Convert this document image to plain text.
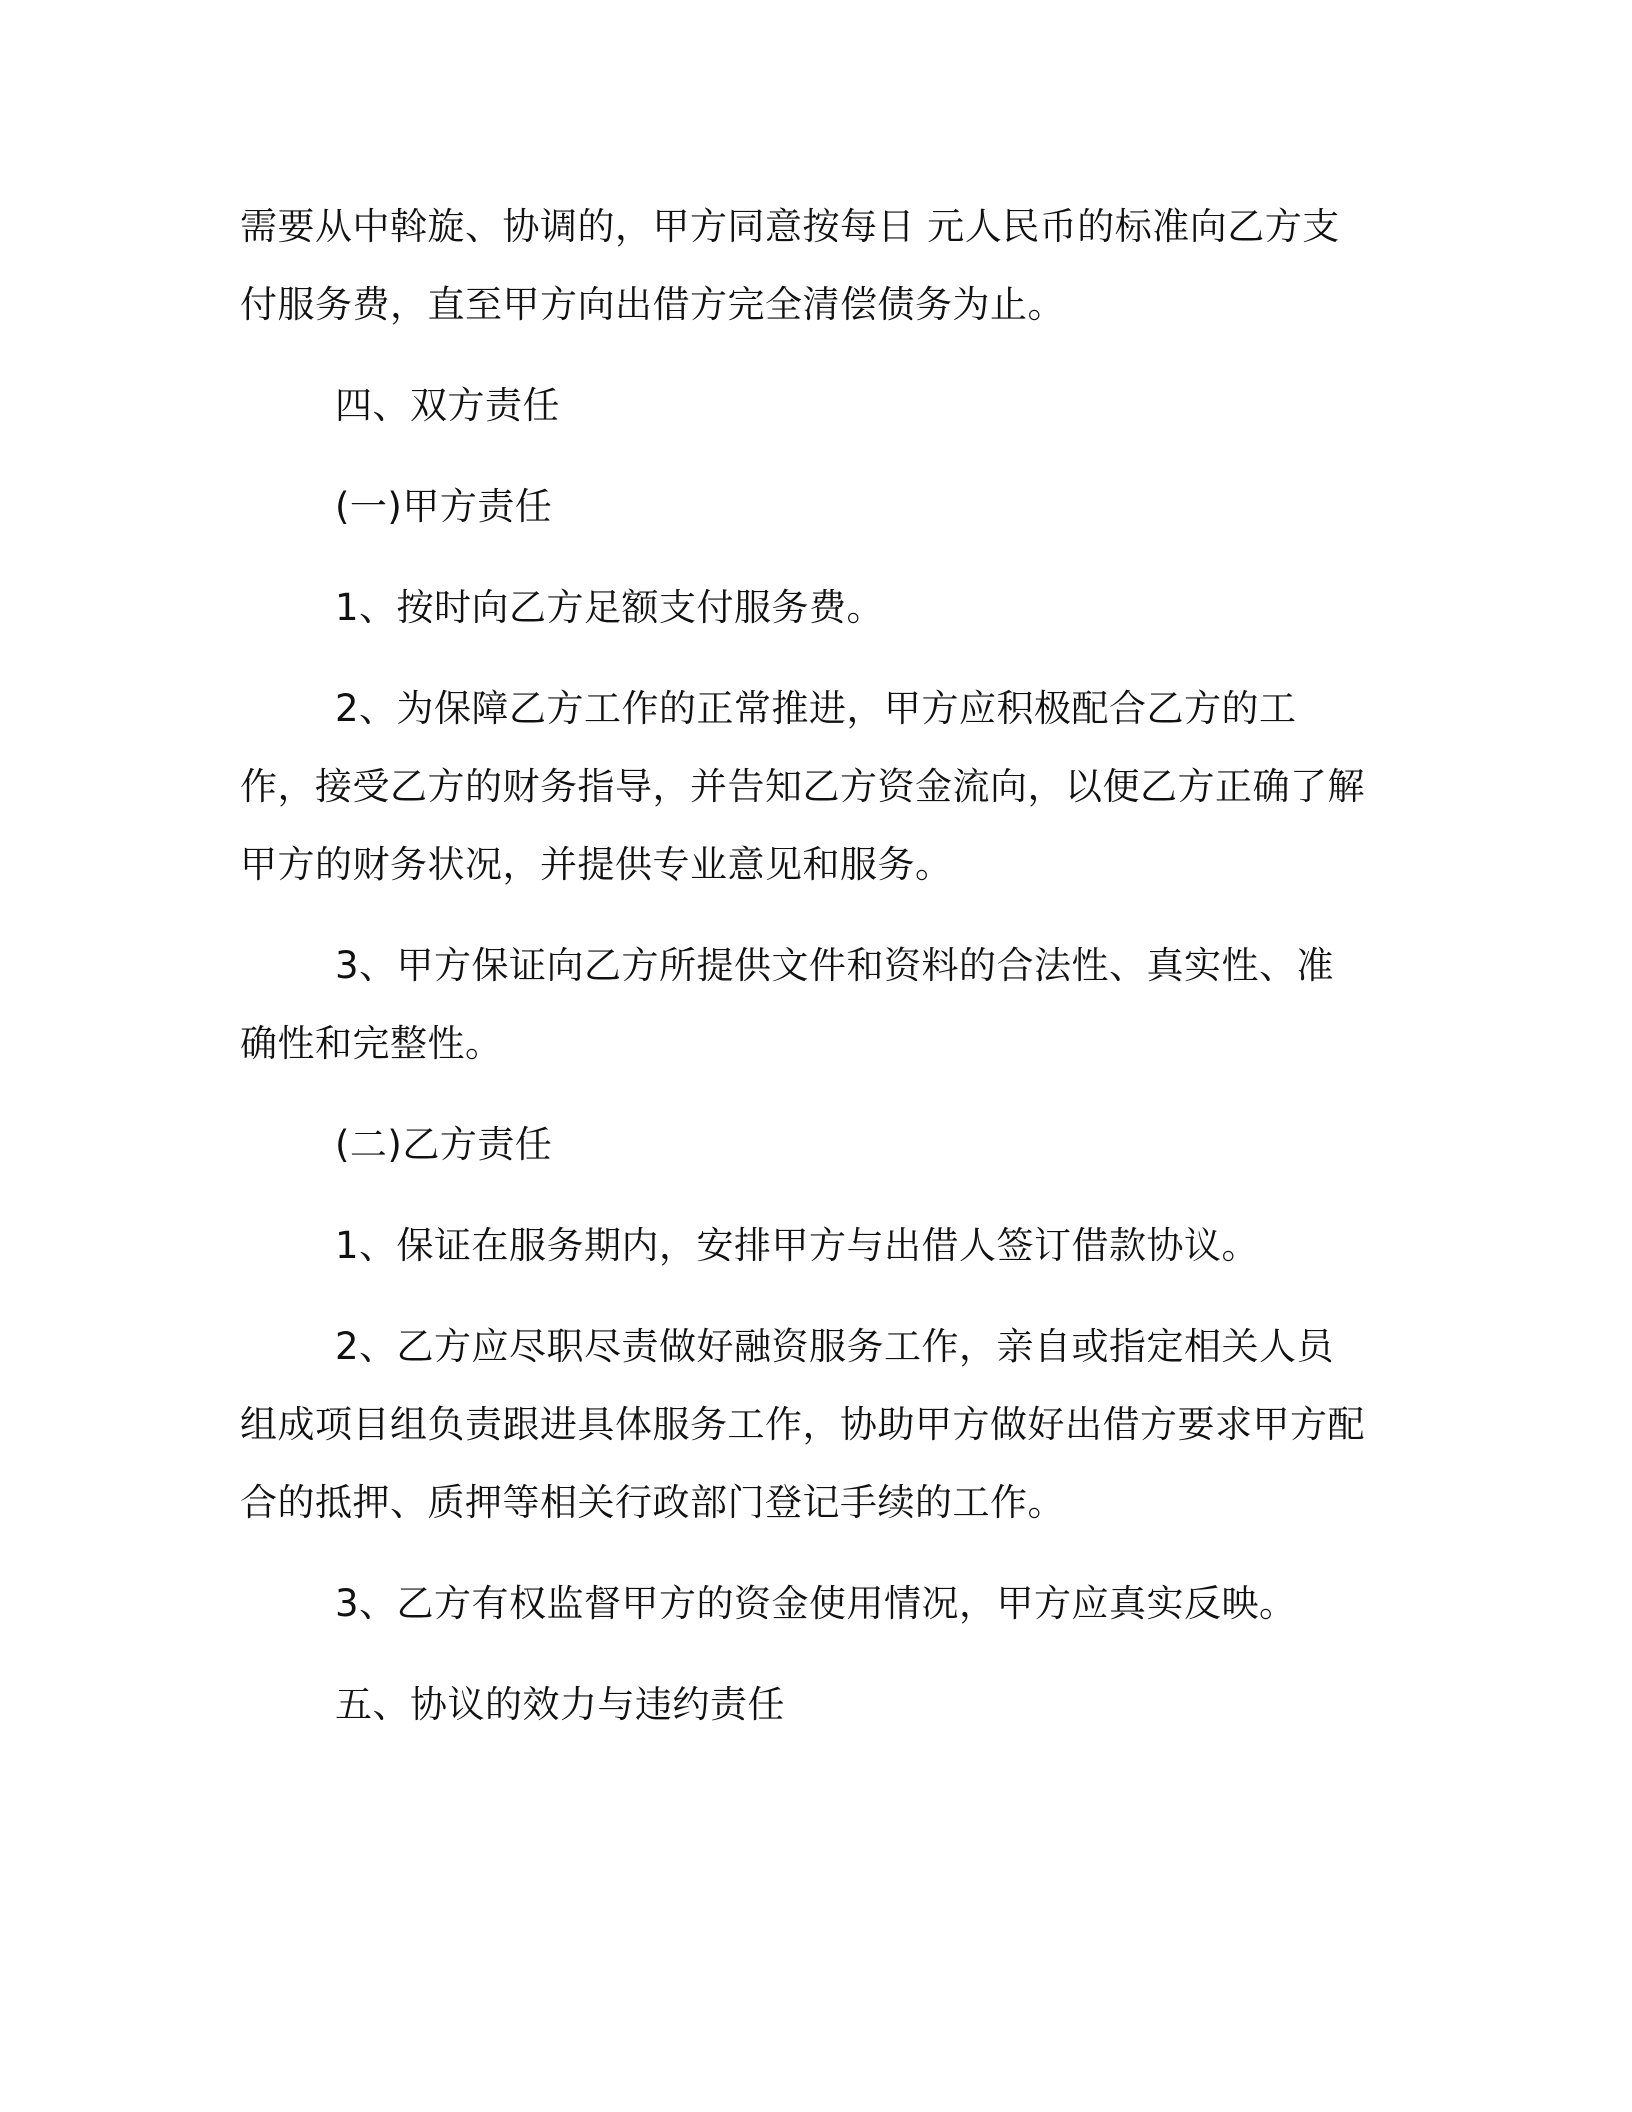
需要从中斡旋、协调的，甲方同意按每日 元人民币的标准向乙方支付服务费，直至甲方向出借方完全清偿债务为止。

四、双方责任

(一)甲方责任

1、按时向乙方足额支付服务费。

2、为保障乙方工作的正常推进，甲方应积极配合乙方的工作，接受乙方的财务指导，并告知乙方资金流向，以便乙方正确了解甲方的财务状况，并提供专业意见和服务。

3、甲方保证向乙方所提供文件和资料的合法性、真实性、准确性和完整性。

(二)乙方责任

1、保证在服务期内，安排甲方与出借人签订借款协议。

2、乙方应尽职尽责做好融资服务工作，亲自或指定相关人员组成项目组负责跟进具体服务工作，协助甲方做好出借方要求甲方配合的抵押、质押等相关行政部门登记手续的工作。

3、乙方有权监督甲方的资金使用情况，甲方应真实反映。

五、协议的效力与违约责任
